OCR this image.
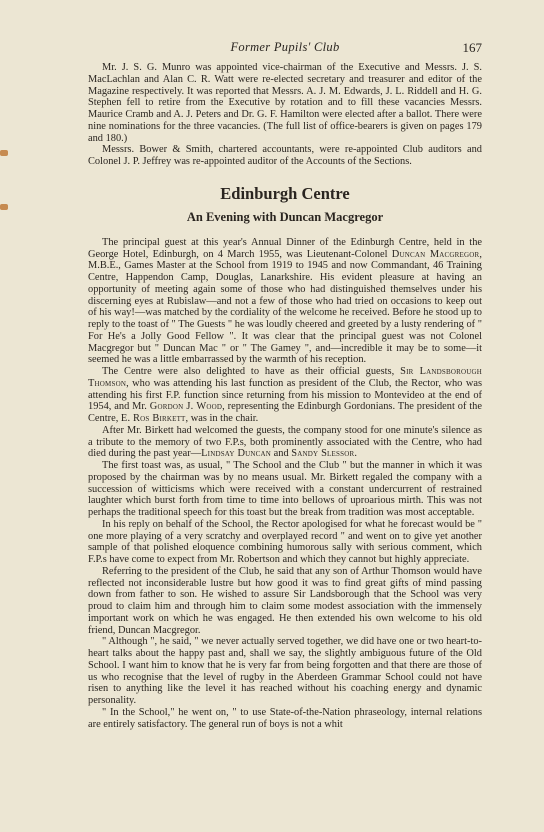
Former Pupils' Club	167

Mr. J. S. G. Munro was appointed vice-chairman of the Executive and Messrs. J. S. MacLachlan and Alan C. R. Watt were re-elected secretary and treasurer and editor of the Magazine respectively. It was reported that Messrs. A. J. M. Edwards, J. L. Riddell and H. G. Stephen fell to retire from the Executive by rotation and to fill these vacancies Messrs. Maurice Cramb and A. J. Peters and Dr. G. F. Hamilton were elected after a ballot. There were nine nominations for the three vacancies. (The full list of office-bearers is given on pages 179 and 180.)

Messrs. Bower & Smith, chartered accountants, were re-appointed Club auditors and Colonel J. P. Jeffrey was re-appointed auditor of the Accounts of the Sections.

Edinburgh Centre
An Evening with Duncan Macgregor

The principal guest at this year's Annual Dinner of the Edinburgh Centre, held in the George Hotel, Edinburgh, on 4 March 1955, was Lieutenant-Colonel Duncan Macgregor, M.B.E., Games Master at the School from 1919 to 1945 and now Commandant, 46 Training Centre, Happendon Camp, Douglas, Lanarkshire. His evident pleasure at having an opportunity of meeting again some of those who had distinguished themselves under his discerning eyes at Rubislaw—and not a few of those who had tried on occasions to keep out of his way!—was matched by the cordiality of the welcome he received. Before he stood up to reply to the toast of " The Guests " he was loudly cheered and greeted by a lusty rendering of " For He's a Jolly Good Fellow ". It was clear that the principal guest was not Colonel Macgregor but " Duncan Mac " or " The Gamey ", and—incredible it may be to some—it seemed he was a little embarrassed by the warmth of his reception.

The Centre were also delighted to have as their official guests, Sir Landsborough Thomson, who was attending his last function as president of the Club, the Rector, who was attending his first F.P. function since returning from his mission to Montevideo at the end of 1954, and Mr. Gordon J. Wood, representing the Edinburgh Gordonians. The president of the Centre, E. Ros Birkett, was in the chair.

After Mr. Birkett had welcomed the guests, the company stood for one minute's silence as a tribute to the memory of two F.P.s, both prominently associated with the Centre, who had died during the past year—Lindsay Duncan and Sandy Slessor.

The first toast was, as usual, " The School and the Club " but the manner in which it was proposed by the chairman was by no means usual. Mr. Birkett regaled the company with a succession of witticisms which were received with a constant undercurrent of restrained laughter which burst forth from time to time into bellows of uproarious mirth. This was not perhaps the traditional speech for this toast but the break from tradition was most acceptable.

In his reply on behalf of the School, the Rector apologised for what he forecast would be " one more playing of a very scratchy and overplayed record " and went on to give yet another sample of that polished eloquence combining humorous sally with serious comment, which F.P.s have come to expect from Mr. Robertson and which they cannot but highly appreciate.

Referring to the president of the Club, he said that any son of Arthur Thomson would have reflected not inconsiderable lustre but how good it was to find great gifts of mind passing down from father to son. He wished to assure Sir Landsborough that the School was very proud to claim him and through him to claim some modest association with the immensely important work on which he was engaged. He then extended his own welcome to his old friend, Duncan Macgregor.

" Although ", he said, " we never actually served together, we did have one or two heart-to-heart talks about the happy past and, shall we say, the slightly ambiguous future of the Old School. I want him to know that he is very far from being forgotten and that there are those of us who recognise that the level of rugby in the Aberdeen Grammar School could not have risen to anything like the level it has reached without his coaching energy and dynamic personality.

" In the School," he went on, " to use State-of-the-Nation phraseology, internal relations are entirely satisfactory. The general run of boys is not a whit
